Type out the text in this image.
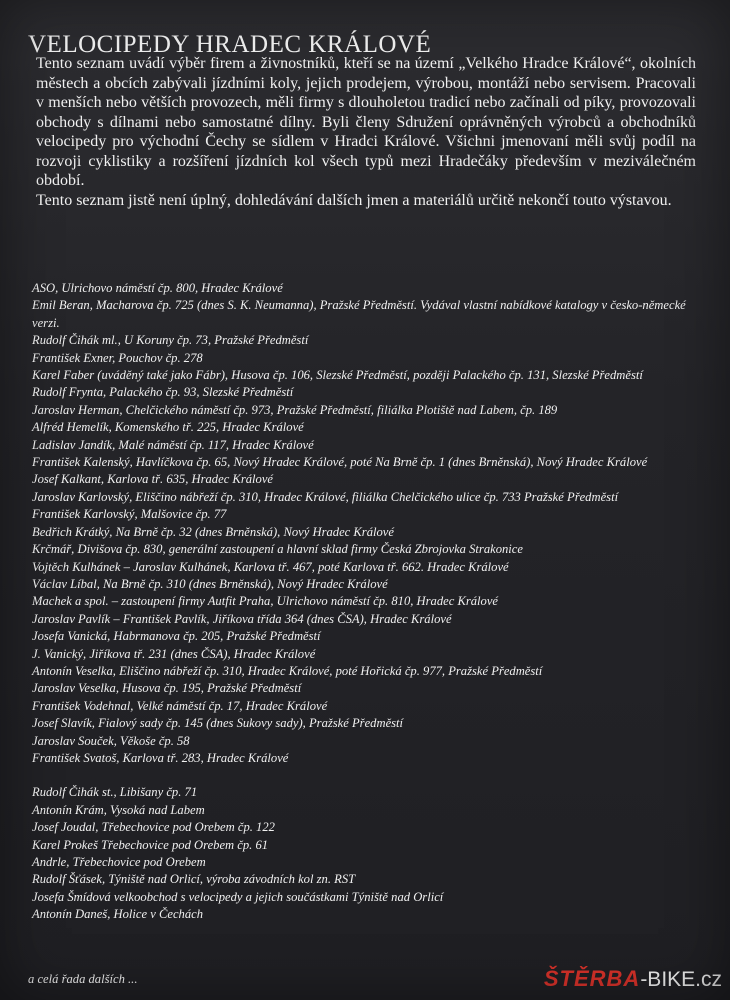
VELOCIPEDY HRADEC KRÁLOVÉ

Tento seznam uvádí výběr firem a živnostníků, kteří se na území „Velkého Hradce Králové“, okolních městech a obcích zabývali jízdními koly, jejich prodejem, výrobou, montáží nebo servisem. Pracovali v menších nebo větších provozech, měli firmy s dlouholetou tradicí nebo začínali od píky, provozovali obchody s dílnami nebo samostatné dílny. Byli členy Sdružení oprávněných výrobců a obchodníků velocipedy pro východní Čechy se sídlem v Hradci Králové. Všichni jmenovaní měli svůj podíl na rozvoji cyklistiky a rozšíření jízdních kol všech typů mezi Hradečáky především v meziválečném období.

Tento seznam jistě není úplný, dohledávání dalších jmen a materiálů určitě nekončí touto výstavou.

ASO, Ulrichovo náměstí čp. 800, Hradec Králové
Emil Beran, Macharova čp. 725 (dnes S. K. Neumanna), Pražské Předměstí. Vydával vlastní nabídkové katalogy v česko-německé verzi.
Rudolf Čihák ml., U Koruny čp. 73, Pražské Předměstí
František Exner, Pouchov čp. 278
Karel Faber (uváděný také jako Fábr), Husova čp. 106, Slezské Předměstí, později Palackého čp. 131, Slezské Předměstí
Rudolf Frynta, Palackého čp. 93, Slezské Předměstí
Jaroslav Herman, Chelčického náměstí čp. 973, Pražské Předměstí, filiálka Plotiště nad Labem, čp. 189
Alfréd Hemelík, Komenského tř. 225, Hradec Králové
Ladislav Jandík, Malé náměstí čp. 117, Hradec Králové
František Kalenský, Havlíčkova čp. 65, Nový Hradec Králové, poté Na Brně čp. 1 (dnes Brněnská), Nový Hradec Králové
Josef Kalkant, Karlova tř. 635, Hradec Králové
Jaroslav Karlovský, Eliščino nábřeží čp. 310, Hradec Králové, filiálka Chelčického ulice čp. 733 Pražské Předměstí
František Karlovský, Malšovice čp. 77
Bedřich Krátký, Na Brně čp. 32 (dnes Brněnská), Nový Hradec Králové
Krčmář, Divišova čp. 830, generální zastoupení a hlavní sklad firmy Česká Zbrojovka Strakonice
Vojtěch Kulhánek – Jaroslav Kulhánek, Karlova tř. 467, poté Karlova tř. 662. Hradec Králové
Václav Líbal, Na Brně čp. 310 (dnes Brněnská), Nový Hradec Králové
Machek a spol. – zastoupení firmy Autfit Praha, Ulrichovo náměstí čp. 810, Hradec Králové
Jaroslav Pavlík – František Pavlík, Jiříkova třída 364 (dnes ČSA), Hradec Králové
Josefa Vanická, Habrmanova čp. 205, Pražské Předměstí
J. Vanický, Jiříkova tř. 231 (dnes ČSA), Hradec Králové
Antonín Veselka, Eliščino nábřeží čp. 310, Hradec Králové, poté Hořická čp. 977, Pražské Předměstí
Jaroslav Veselka, Husova čp. 195, Pražské Předměstí
František Vodehnal, Velké náměstí čp. 17, Hradec Králové
Josef Slavík, Fialový sady čp. 145 (dnes Sukovy sady), Pražské Předměstí
Jaroslav Souček, Věkoše čp. 58
František Svatoš, Karlova tř. 283, Hradec Králové
Rudolf Čihák st., Libišany čp. 71
Antonín Krám, Vysoká nad Labem
Josef Joudal, Třebechovice pod Orebem čp. 122
Karel Prokeš Třebechovice pod Orebem čp. 61
Andrle, Třebechovice pod Orebem
Rudolf Šťásek, Týniště nad Orlicí, výroba závodních kol zn. RST
Josefa Šmídová velkoobchod s velocipedy a jejich součástkami Týniště nad Orlicí
Antonín Daneš, Holice v Čechách
a celá řada dalších ...	ŠTĚRBA-BIKE.cz
